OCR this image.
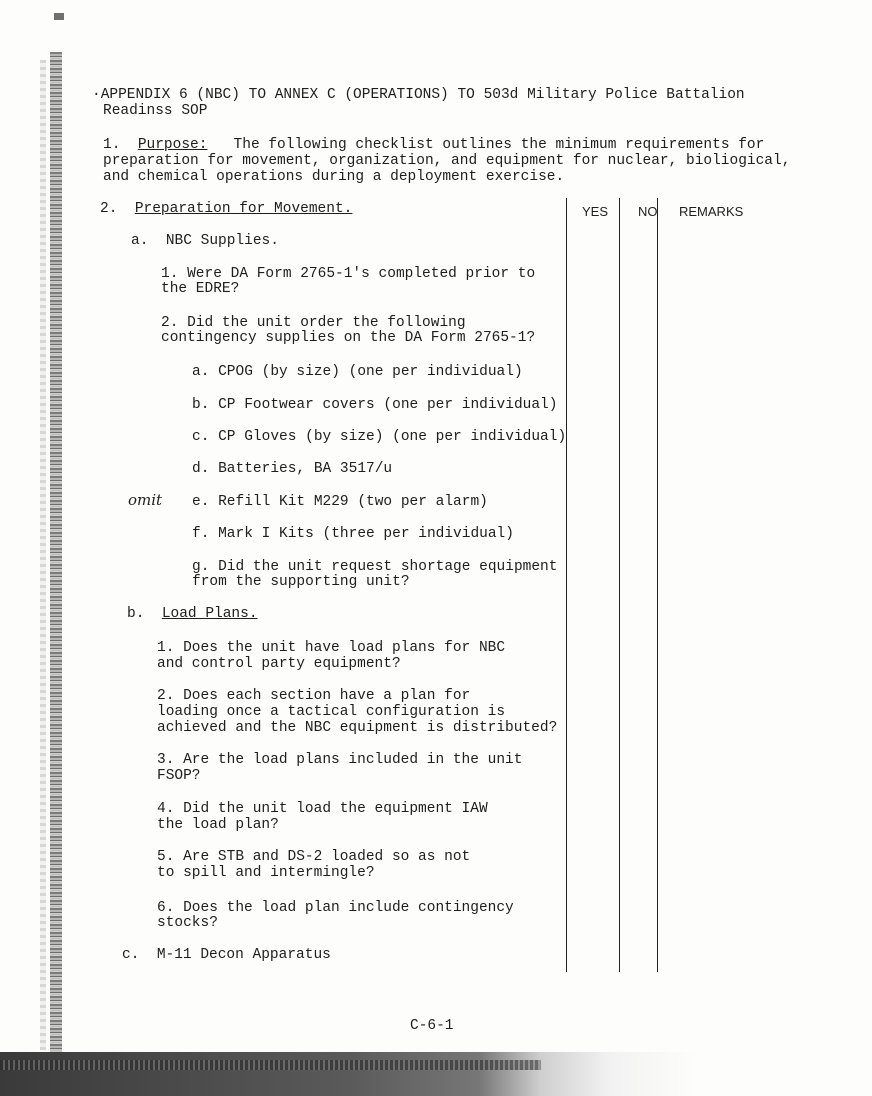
·APPENDIX 6 (NBC) TO ANNEX C (OPERATIONS) TO 503d Military Police Battalion
Readinss SOP
1. Purpose: The following checklist outlines the minimum requirements for
preparation for movement, organization, and equipment for nuclear, bioliogical,
and chemical operations during a deployment exercise.
2. Preparation for Movement.	YES NO REMARKS
a. NBC Supplies.
1. Were DA Form 2765-1's completed prior to
the EDRE?
2. Did the unit order the following
contingency supplies on the DA Form 2765-1?
a. CPOG (by size) (one per individual)
b. CP Footwear covers (one per individual)
c. CP Gloves (by size) (one per individual)
d. Batteries, BA 3517/u
omit e. Refill Kit M229 (two per alarm)
f. Mark I Kits (three per individual)
g. Did the unit request shortage equipment
from the supporting unit?
b. Load Plans.
1. Does the unit have load plans for NBC
and control party equipment?
2. Does each section have a plan for
loading once a tactical configuration is
achieved and the NBC equipment is distributed?
3. Are the load plans included in the unit
FSOP?
4. Did the unit load the equipment IAW
the load plan?
5. Are STB and DS-2 loaded so as not
to spill and intermingle?
6. Does the load plan include contingency
stocks?
c. M-11 Decon Apparatus
C-6-1
